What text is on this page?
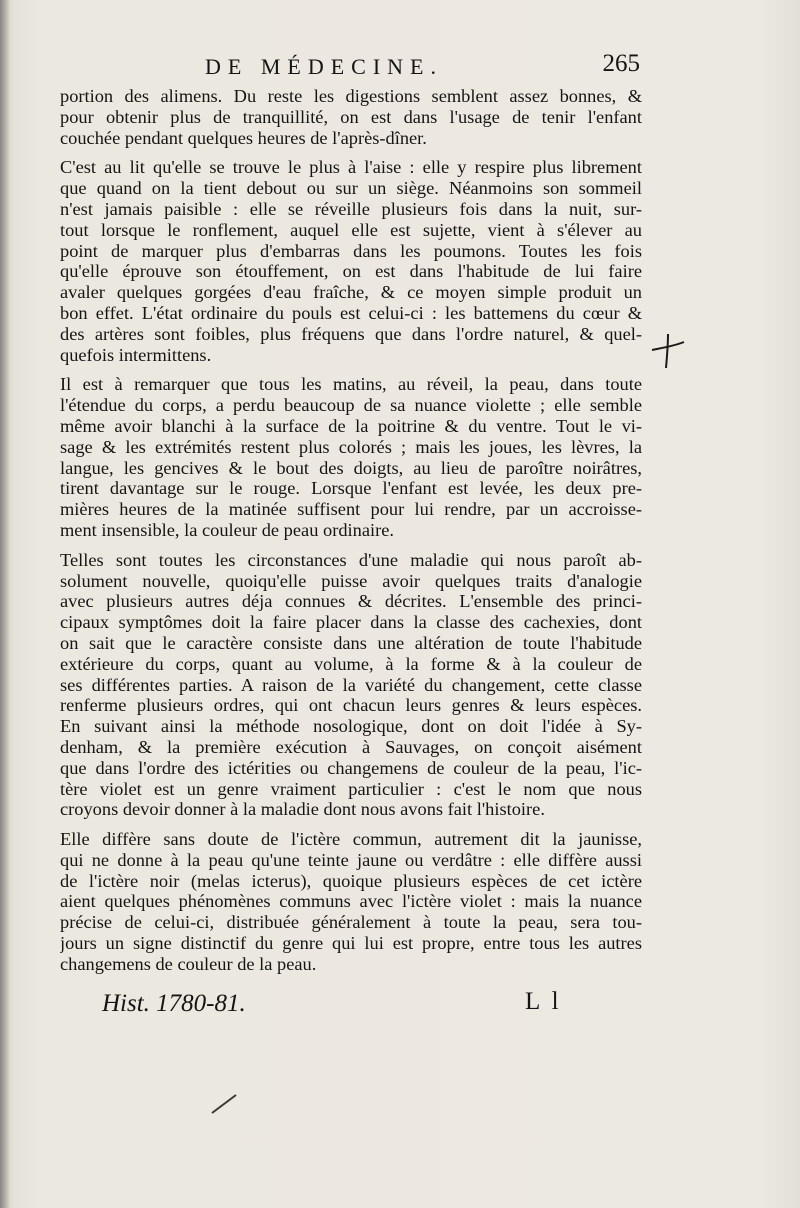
DE MÉDECINE.	265
portion des alimens. Du reste les digestions semblent assez bonnes, &
pour obtenir plus de tranquillité, on est dans l'usage de tenir l'enfant
couchée pendant quelques heures de l'après-dîner.
C'est au lit qu'elle se trouve le plus à l'aise : elle y respire plus librement
que quand on la tient debout ou sur un siège. Néanmoins son sommeil
n'est jamais paisible : elle se réveille plusieurs fois dans la nuit, sur-
tout lorsque le ronflement, auquel elle est sujette, vient à s'élever au
point de marquer plus d'embarras dans les poumons. Toutes les fois
qu'elle éprouve son étouffement, on est dans l'habitude de lui faire
avaler quelques gorgées d'eau fraîche, & ce moyen simple produit un
bon effet. L'état ordinaire du pouls est celui-ci : les battemens du cœur &
des artères sont foibles, plus fréquens que dans l'ordre naturel, & quel-
quefois intermittens.
Il est à remarquer que tous les matins, au réveil, la peau, dans toute
l'étendue du corps, a perdu beaucoup de sa nuance violette ; elle semble
même avoir blanchi à la surface de la poitrine & du ventre. Tout le vi-
sage & les extrémités restent plus colorés ; mais les joues, les lèvres, la
langue, les gencives & le bout des doigts, au lieu de paroître noirâtres,
tirent davantage sur le rouge. Lorsque l'enfant est levée, les deux pre-
mières heures de la matinée suffisent pour lui rendre, par un accroisse-
ment insensible, la couleur de peau ordinaire.
Telles sont toutes les circonstances d'une maladie qui nous paroît ab-
solument nouvelle, quoiqu'elle puisse avoir quelques traits d'analogie
avec plusieurs autres déja connues & décrites. L'ensemble des princi-
cipaux symptômes doit la faire placer dans la classe des cachexies, dont
on sait que le caractère consiste dans une altération de toute l'habitude
extérieure du corps, quant au volume, à la forme & à la couleur de
ses différentes parties. A raison de la variété du changement, cette classe
renferme plusieurs ordres, qui ont chacun leurs genres & leurs espèces.
En suivant ainsi la méthode nosologique, dont on doit l'idée à Sy-
denham, & la première exécution à Sauvages, on conçoit aisément
que dans l'ordre des ictérities ou changemens de couleur de la peau, l'ic-
tère violet est un genre vraiment particulier : c'est le nom que nous
croyons devoir donner à la maladie dont nous avons fait l'histoire.
Elle diffère sans doute de l'ictère commun, autrement dit la jaunisse,
qui ne donne à la peau qu'une teinte jaune ou verdâtre : elle diffère aussi
de l'ictère noir (melas icterus), quoique plusieurs espèces de cet ictère
aient quelques phénomènes communs avec l'ictère violet : mais la nuance
précise de celui-ci, distribuée généralement à toute la peau, sera tou-
jours un signe distinctif du genre qui lui est propre, entre tous les autres
changemens de couleur de la peau.
Hist. 1780-81.	L l
